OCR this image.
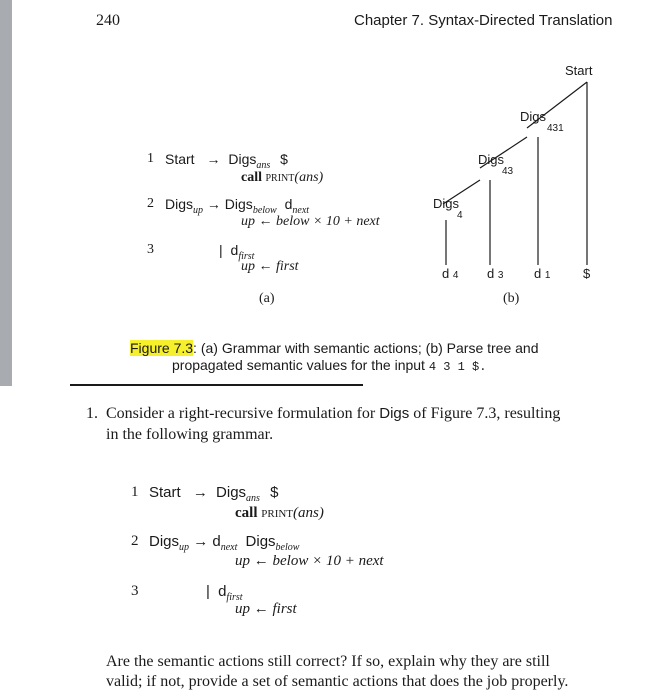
240	Chapter 7. Syntax-Directed Translation
1 Start → Digs$_{ans}$ $
call print(ans)
2 Digs$_{up}$ → Digs$_{below}$ $d_{next}$
up ← below × 10 + next
3	| $d_{first}$
up ← first
(a)
Start
Digs
431
Digs
43
Digs
4
d 4 d 3 d 1	$
(b)
Figure 7.3: (a) Grammar with semantic actions; (b) Parse tree and
propagated semantic values for the input 4 3 1 $.
1. Consider a right-recursive formulation for Digs of Figure 7.3, resulting
in the following grammar.
1 Start → Digs$_{ans}$ $
call print(ans)
2 Digs$_{up}$ → $d_{next}$ Digs$_{below}$
up ← below × 10 + next
3	| $d_{first}$
up ← first
Are the semantic actions still correct? If so, explain why they are still
valid; if not, provide a set of semantic actions that does the job properly.
